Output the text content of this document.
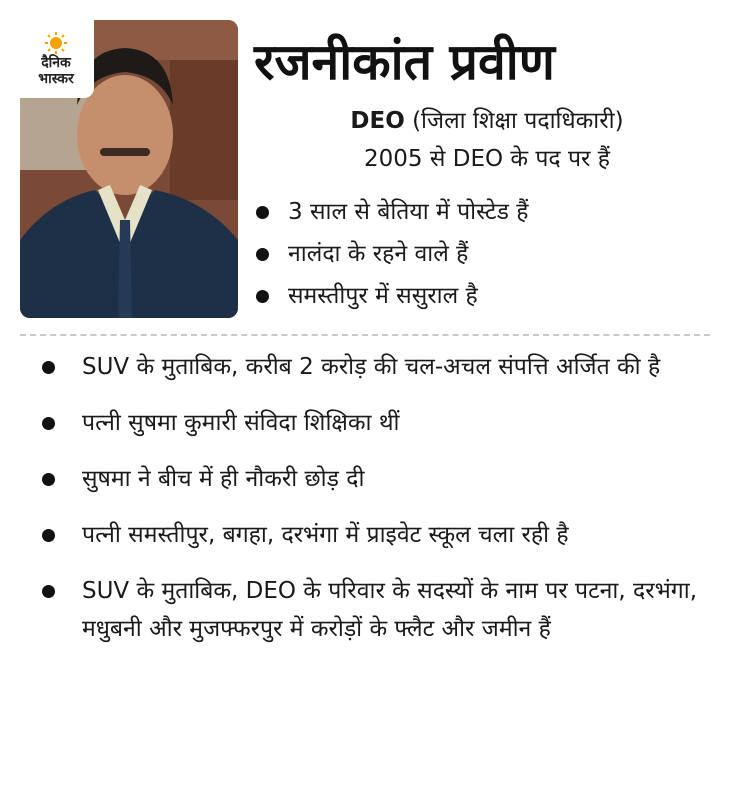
दैनिक
भास्कर	रजनीकांत प्रवीण
DEO (जिला शिक्षा पदाधिकारी)
2005 से DEO के पद पर हैं
3 साल से बेतिया में पोस्टेड हैं
नालंदा के रहने वाले हैं
समस्तीपुर में ससुराल है
SUV के मुताबिक, करीब 2 करोड़ की चल-अचल संपत्ति अर्जित की है
पत्नी सुषमा कुमारी संविदा शिक्षिका थीं
सुषमा ने बीच में ही नौकरी छोड़ दी
पत्नी समस्तीपुर, बगहा, दरभंगा में प्राइवेट स्कूल चला रही है
SUV के मुताबिक, DEO के परिवार के सदस्यों के नाम पर पटना, दरभंगा, मधुबनी और मुजफ्फरपुर में करोड़ों के फ्लैट और जमीन हैं
